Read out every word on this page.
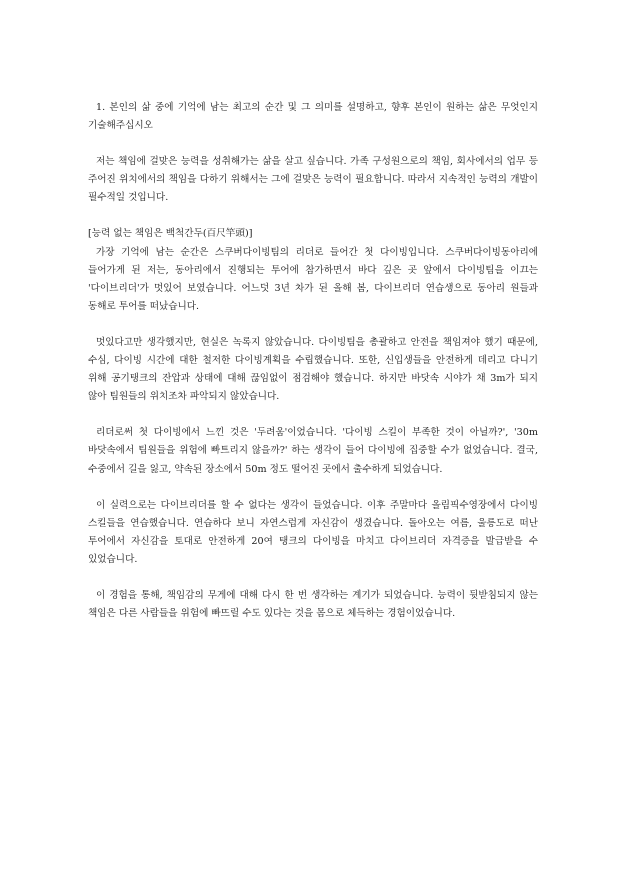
1. 본인의 삶 중에 기억에 남는 최고의 순간 및 그 의미를 설명하고, 향후 본인이 원하는 삶은 무엇인지 기술해주십시오

저는 책임에 걸맞은 능력을 성취해가는 삶을 살고 싶습니다. 가족 구성원으로의 책임, 회사에서의 업무 등 주어진 위치에서의 책임을 다하기 위해서는 그에 걸맞은 능력이 필요합니다. 따라서 지속적인 능력의 개발이 필수적일 것입니다.

[능력 없는 책임은 백척간두(百尺竿頭)]

가장 기억에 남는 순간은 스쿠버다이빙팀의 리더로 들어간 첫 다이빙입니다. 스쿠버다이빙동아리에 들어가게 된 저는, 동아리에서 진행되는 투어에 참가하면서 바다 깊은 곳 앞에서 다이빙팀을 이끄는 '다이브리더'가 멋있어 보였습니다. 어느덧 3년 차가 된 올해 봄, 다이브리더 연습생으로 동아리 원들과 동해로 투어를 떠났습니다.

멋있다고만 생각했지만, 현실은 녹록지 않았습니다. 다이빙팀을 총괄하고 안전을 책임져야 했기 때문에, 수심, 다이빙 시간에 대한 철저한 다이빙계획을 수립했습니다. 또한, 신입생들을 안전하게 데리고 다니기 위해 공기탱크의 잔압과 상태에 대해 끊임없이 점검해야 했습니다. 하지만 바닷속 시야가 채 3m가 되지 않아 팀원들의 위치조차 파악되지 않았습니다.

리더로써 첫 다이빙에서 느낀 것은 '두려움'이었습니다. '다이빙 스킬이 부족한 것이 아닐까?', '30m 바닷속에서 팀원들을 위험에 빠트리지 않을까?' 하는 생각이 들어 다이빙에 집중할 수가 없었습니다. 결국, 수중에서 길을 잃고, 약속된 장소에서 50m 정도 떨어진 곳에서 출수하게 되었습니다.

이 실력으로는 다이브리더를 할 수 없다는 생각이 들었습니다. 이후 주말마다 올림픽수영장에서 다이빙 스킬들을 연습했습니다. 연습하다 보니 자연스럽게 자신감이 생겼습니다. 돌아오는 여름, 울릉도로 떠난 투어에서 자신감을 토대로 안전하게 20여 탱크의 다이빙을 마치고 다이브리더 자격증을 발급받을 수 있었습니다.

이 경험을 통해, 책임감의 무게에 대해 다시 한 번 생각하는 계기가 되었습니다. 능력이 뒷받침되지 않는 책임은 다른 사람들을 위험에 빠뜨릴 수도 있다는 것을 몸으로 체득하는 경험이었습니다.
